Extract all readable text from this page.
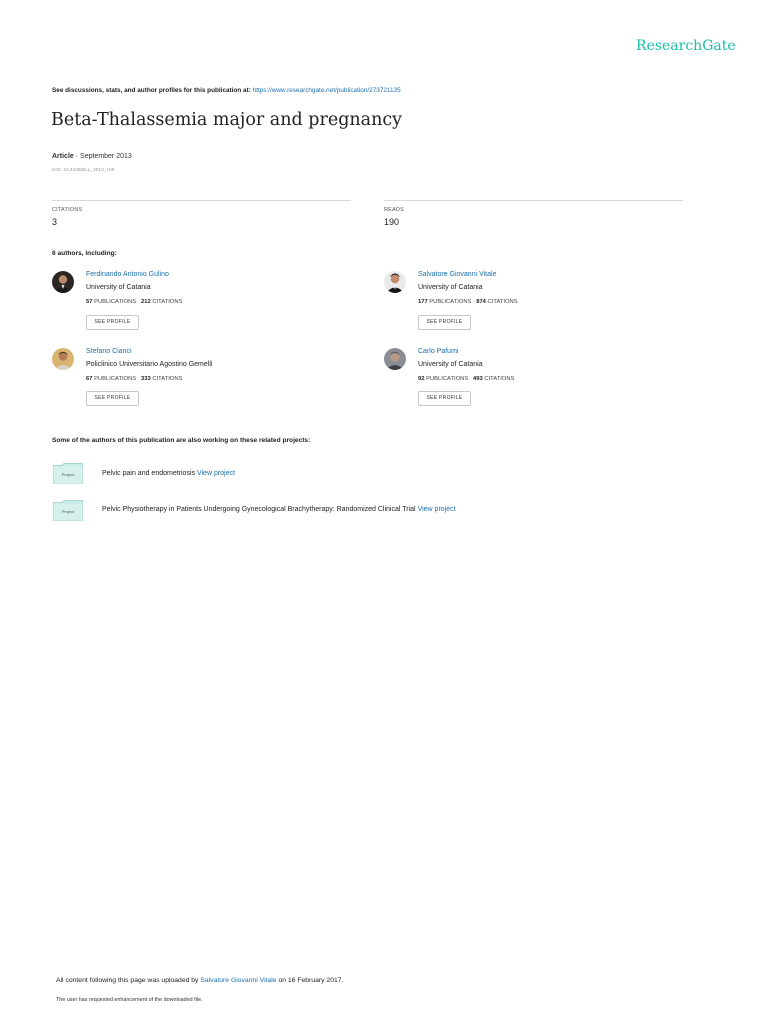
ResearchGate
See discussions, stats, and author profiles for this publication at: https://www.researchgate.net/publication/273721135
Beta-Thalassemia major and pregnancy
Article · September 2013
DOI: 10.4349/BLL_2013_109
CITATIONS
3
READS
190
6 authors, including:
Ferdinando Antonio Gulino
University of Catania
57 PUBLICATIONS 212 CITATIONS
SEE PROFILE
Salvatore Giovanni Vitale
University of Catania
177 PUBLICATIONS 874 CITATIONS
SEE PROFILE
Stefano Cianci
Policlinico Universitario Agostino Gemelli
67 PUBLICATIONS 333 CITATIONS
SEE PROFILE
Carlo Pafumi
University of Catania
92 PUBLICATIONS 493 CITATIONS
SEE PROFILE
Some of the authors of this publication are also working on these related projects:
Project	Pelvic pain and endometriosis View project
Project	Pelvic Physiotherapy in Patients Undergoing Gynecological Brachytherapy: Randomized Clinical Trial View project
All content following this page was uploaded by Salvatore Giovanni Vitale on 16 February 2017.
The user has requested enhancement of the downloaded file.
